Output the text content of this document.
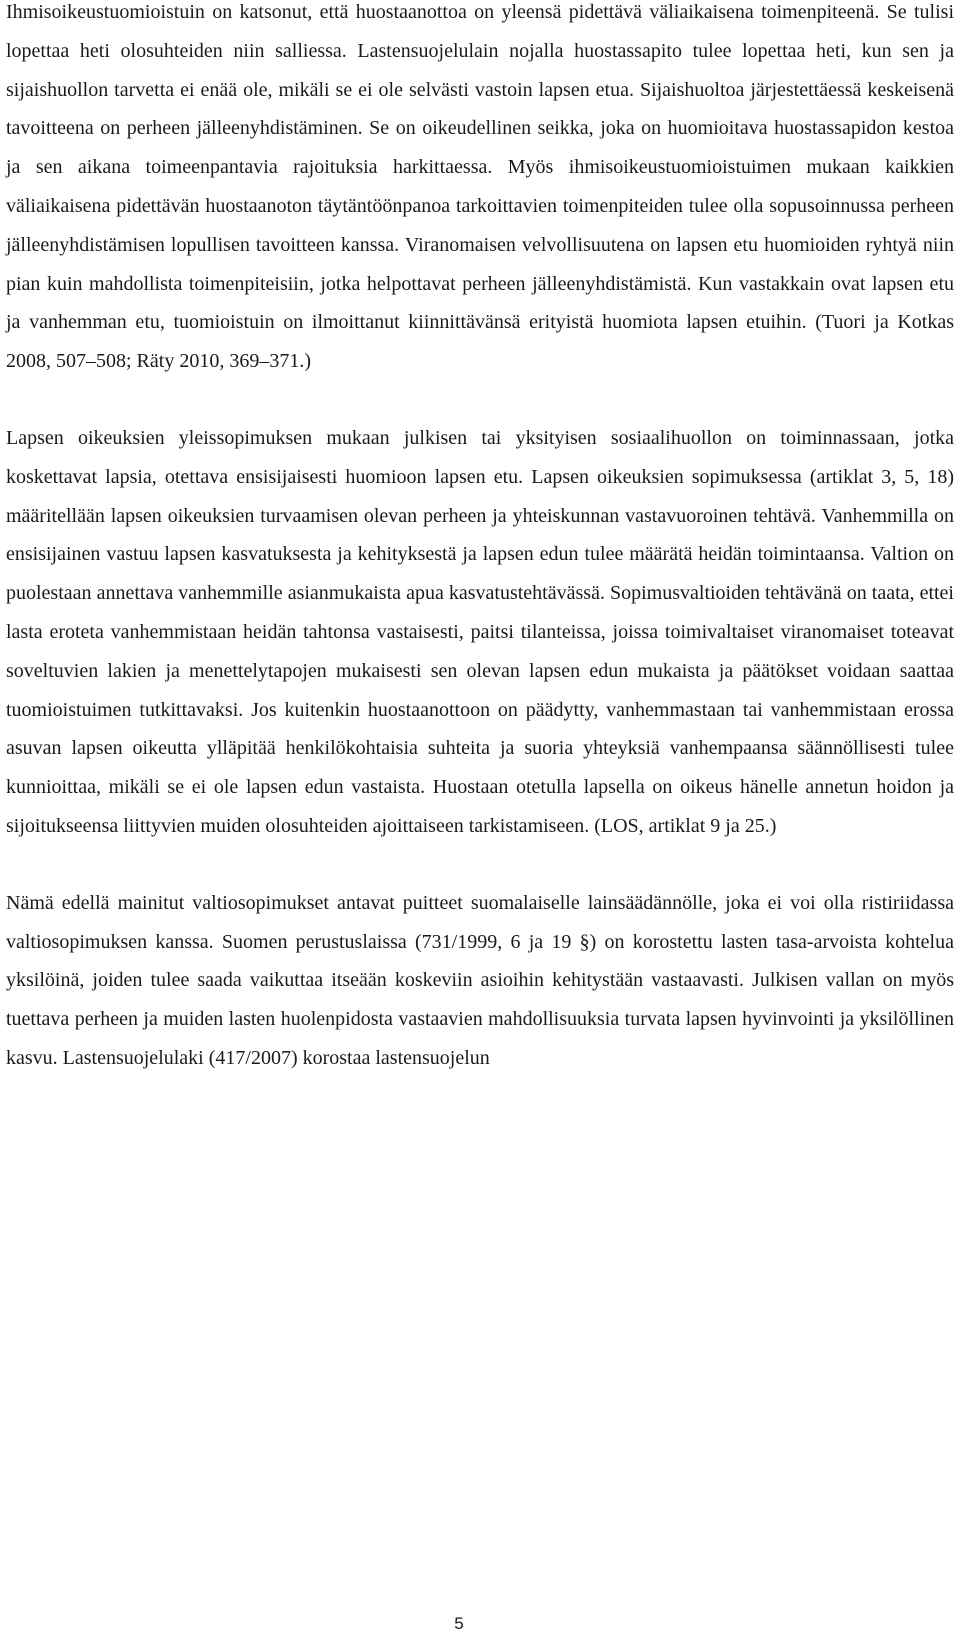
Ihmisoikeustuomioistuin on katsonut, että huostaanottoa on yleensä pidettävä väliaikaisena toimenpiteenä. Se tulisi lopettaa heti olosuhteiden niin salliessa. Lastensuojelulain nojalla huostassapito tulee lopettaa heti, kun sen ja sijaishuollon tarvetta ei enää ole, mikäli se ei ole selvästi vastoin lapsen etua. Sijaishuoltoa järjestettäessä keskeisenä tavoitteena on perheen jälleenyhdistäminen. Se on oikeudellinen seikka, joka on huomioitava huostassapidon kestoa ja sen aikana toimeenpantavia rajoituksia harkittaessa. Myös ihmisoikeustuomioistuimen mukaan kaikkien väliaikaisena pidettävän huostaanoton täytäntöönpanoa tarkoittavien toimenpiteiden tulee olla sopusoinnussa perheen jälleenyhdistämisen lopullisen tavoitteen kanssa. Viranomaisen velvollisuutena on lapsen etu huomioiden ryhtyä niin pian kuin mahdollista toimenpiteisiin, jotka helpottavat perheen jälleenyhdistämistä. Kun vastakkain ovat lapsen etu ja vanhemman etu, tuomioistuin on ilmoittanut kiinnittävänsä erityistä huomiota lapsen etuihin. (Tuori ja Kotkas 2008, 507–508; Räty 2010, 369–371.)

Lapsen oikeuksien yleissopimuksen mukaan julkisen tai yksityisen sosiaalihuollon on toiminnassaan, jotka koskettavat lapsia, otettava ensisijaisesti huomioon lapsen etu. Lapsen oikeuksien sopimuksessa (artiklat 3, 5, 18) määritellään lapsen oikeuksien turvaamisen olevan perheen ja yhteiskunnan vastavuoroinen tehtävä. Vanhemmilla on ensisijainen vastuu lapsen kasvatuksesta ja kehityksestä ja lapsen edun tulee määrätä heidän toimintaansa. Valtion on puolestaan annettava vanhemmille asianmukaista apua kasvatustehtävässä. Sopimusvaltioiden tehtävänä on taata, ettei lasta eroteta vanhemmistaan heidän tahtonsa vastaisesti, paitsi tilanteissa, joissa toimivaltaiset viranomaiset toteavat soveltuvien lakien ja menettelytapojen mukaisesti sen olevan lapsen edun mukaista ja päätökset voidaan saattaa tuomioistuimen tutkittavaksi. Jos kuitenkin huostaanottoon on päädytty, vanhemmastaan tai vanhemmistaan erossa asuvan lapsen oikeutta ylläpitää henkilökohtaisia suhteita ja suoria yhteyksiä vanhempaansa säännöllisesti tulee kunnioittaa, mikäli se ei ole lapsen edun vastaista. Huostaan otetulla lapsella on oikeus hänelle annetun hoidon ja sijoitukseensa liittyvien muiden olosuhteiden ajoittaiseen tarkistamiseen. (LOS, artiklat 9 ja 25.)

Nämä edellä mainitut valtiosopimukset antavat puitteet suomalaiselle lainsäädännölle, joka ei voi olla ristiriidassa valtiosopimuksen kanssa. Suomen perustuslaissa (731/1999, 6 ja 19 §) on korostettu lasten tasa-arvoista kohtelua yksilöinä, joiden tulee saada vaikuttaa itseään koskeviin asioihin kehitystään vastaavasti. Julkisen vallan on myös tuettava perheen ja muiden lasten huolenpidosta vastaavien mahdollisuuksia turvata lapsen hyvinvointi ja yksilöllinen kasvu. Lastensuojelulaki (417/2007) korostaa lastensuojelun

5
